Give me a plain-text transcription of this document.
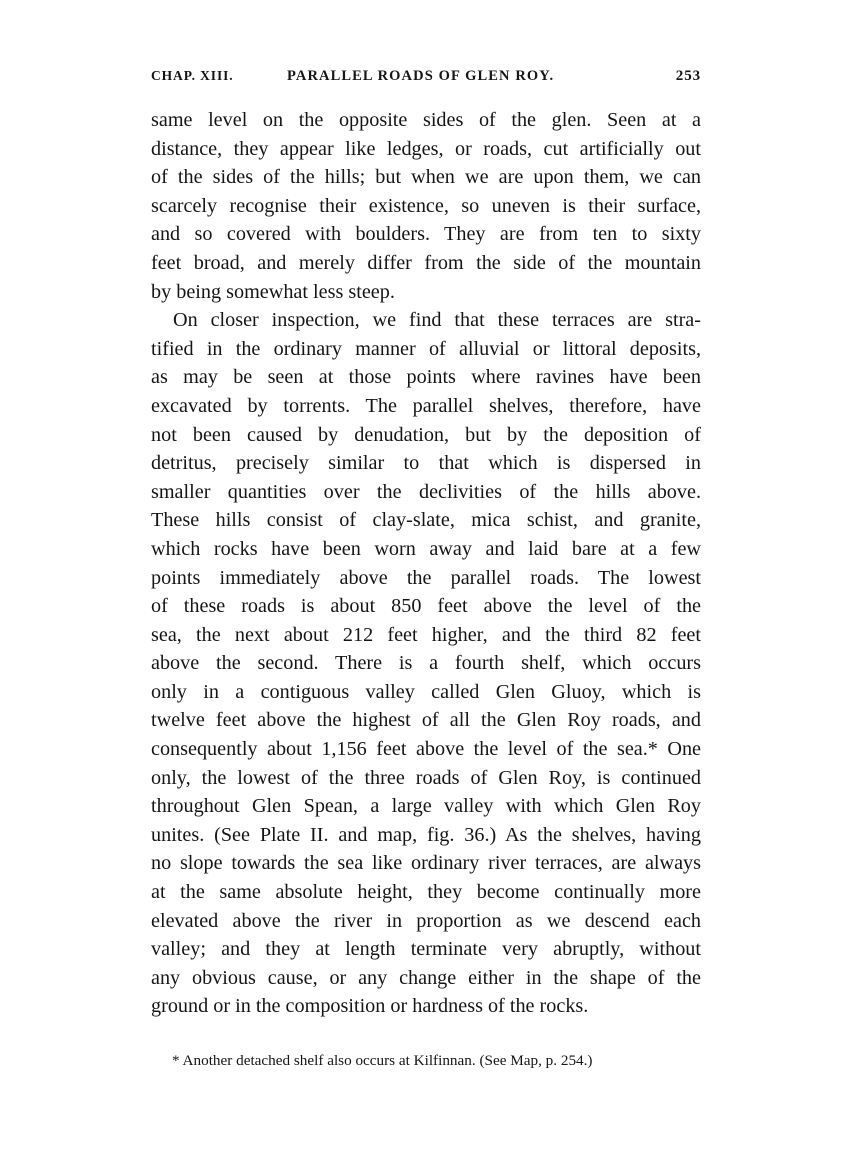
CHAP. XIII.	PARALLEL ROADS OF GLEN ROY.	253
same level on the opposite sides of the glen. Seen at a
distance, they appear like ledges, or roads, cut artificially out
of the sides of the hills; but when we are upon them, we can
scarcely recognise their existence, so uneven is their surface,
and so covered with boulders. They are from ten to sixty
feet broad, and merely differ from the side of the mountain
by being somewhat less steep.
On closer inspection, we find that these terraces are stra-
tified in the ordinary manner of alluvial or littoral deposits,
as may be seen at those points where ravines have been
excavated by torrents. The parallel shelves, therefore, have
not been caused by denudation, but by the deposition of
detritus, precisely similar to that which is dispersed in
smaller quantities over the declivities of the hills above.
These hills consist of clay-slate, mica schist, and granite,
which rocks have been worn away and laid bare at a few
points immediately above the parallel roads. The lowest
of these roads is about 850 feet above the level of the
sea, the next about 212 feet higher, and the third 82 feet
above the second. There is a fourth shelf, which occurs
only in a contiguous valley called Glen Gluoy, which is
twelve feet above the highest of all the Glen Roy roads, and
consequently about 1,156 feet above the level of the sea.* One
only, the lowest of the three roads of Glen Roy, is continued
throughout Glen Spean, a large valley with which Glen Roy
unites. (See Plate II. and map, fig. 36.) As the shelves, having
no slope towards the sea like ordinary river terraces, are always
at the same absolute height, they become continually more
elevated above the river in proportion as we descend each
valley; and they at length terminate very abruptly, without
any obvious cause, or any change either in the shape of the
ground or in the composition or hardness of the rocks.
* Another detached shelf also occurs at Kilfinnan. (See Map, p. 254.)
